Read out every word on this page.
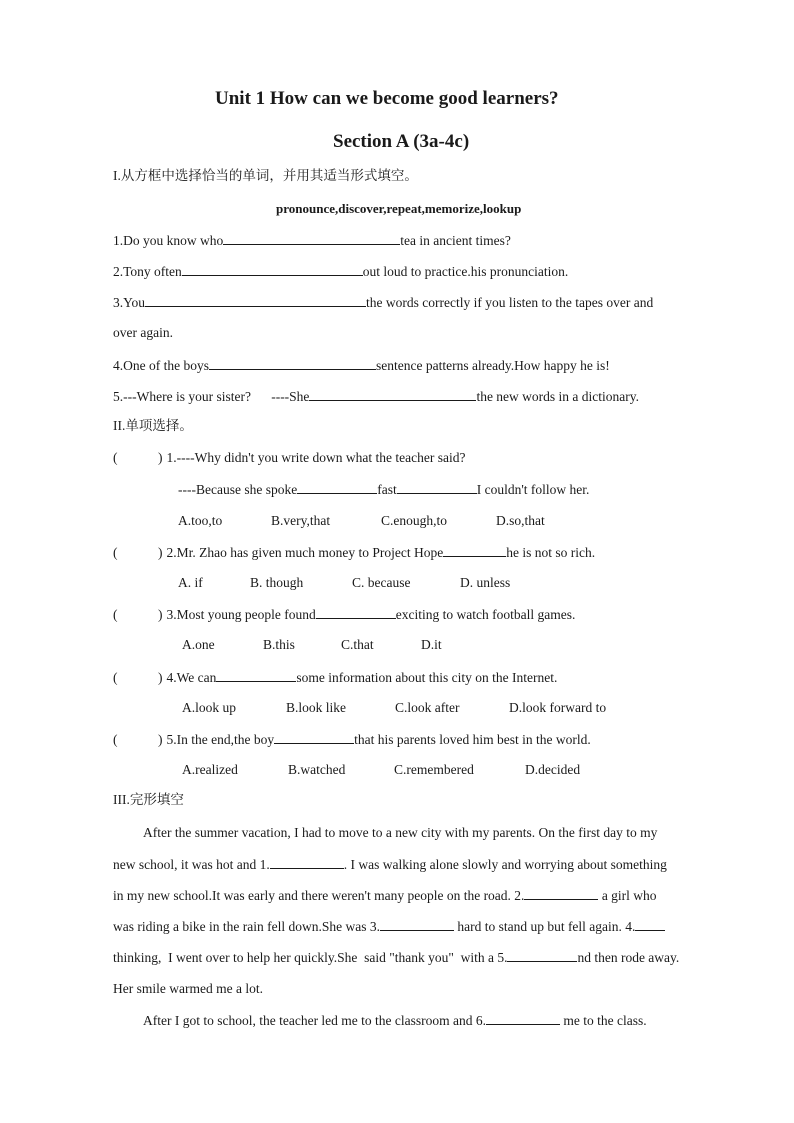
Unit 1 How can we become good learners?
Section A (3a-4c)
I.从方框中选择恰当的单词，并用其适当形式填空。
pronounce,discover,repeat,memorize,lookup
1.Do you know who	tea in ancient times?
2.Tony often	out loud to practice.his pronunciation.
3.You	the words correctly if you listen to the tapes over and
over again.
4.One of the boys	sentence patterns already.How happy he is!
5.---Where is your sister?      ----She	the new words in a dictionary.
II.单项选择。
(            ) 1.----Why didn't you write down what the teacher said?
----Because she spoke	fast	I couldn't follow her.
A.too,to	B.very,that	C.enough,to	D.so,that
(            ) 2.Mr. Zhao has given much money to Project Hope	he is not so rich.
A. if	B. though	C. because	D. unless
(            ) 3.Most young people found	exciting to watch football games.
A.one	B.this	C.that	D.it
(            ) 4.We can	some information about this city on the Internet.
A.look up	B.look like	C.look after	D.look forward to
(            ) 5.In the end,the boy	that his parents loved him best in the world.
A.realized	B.watched	C.remembered	D.decided
III.完形填空
After the summer vacation, I had to move to a new city with my parents. On the first day to my
new school, it was hot and 1.	. I was walking alone slowly and worrying about something
in my new school.It was early and there weren't many people on the road. 2.	a girl who
was riding a bike in the rain fell down.She was 3.	hard to stand up but fell again. 4.
thinking,  I went over to help her quickly.She  said "thank you"  with a 5.	nd then rode away.
Her smile warmed me a lot.
After I got to school, the teacher led me to the classroom and 6.	me to the class.
